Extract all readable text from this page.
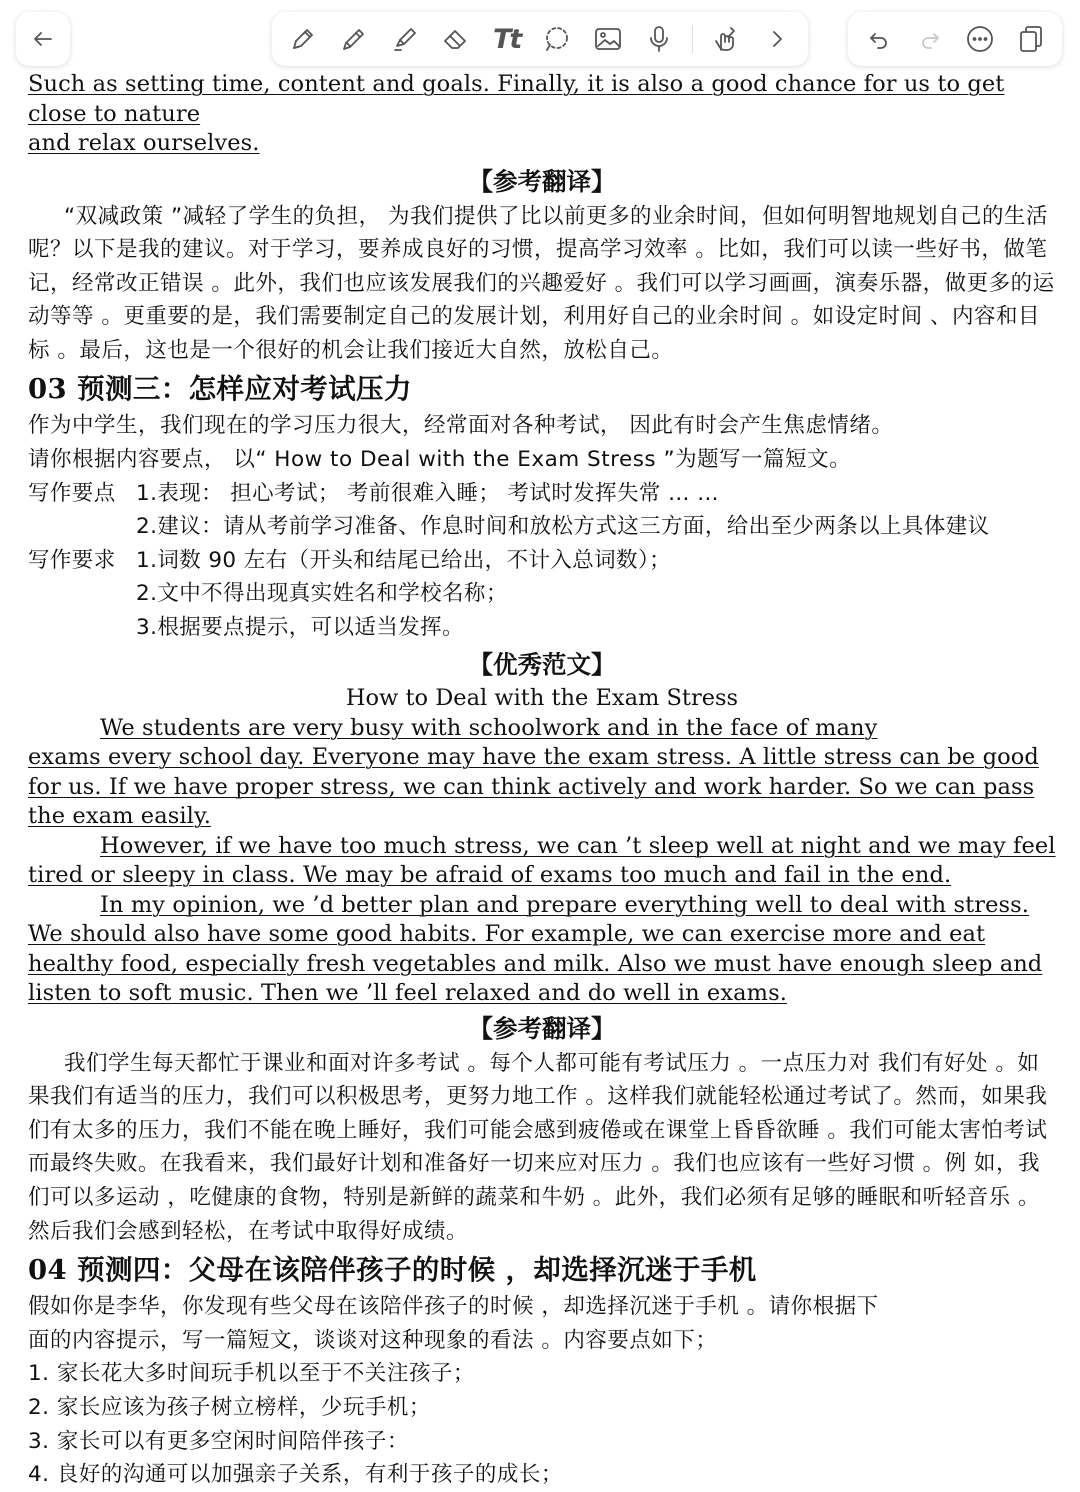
Tt
Such as setting time, content and goals. Finally, it is also a good chance for us to get close to nature
and relax ourselves.
【参考翻译】
“双减政策 ”减轻了学生的负担， 为我们提供了比以前更多的业余时间，但如何明智地规划自己的生活呢？以下是我的建议。对于学习，要养成良好的习惯，提高学习效率 。比如，我们可以读一些好书，做笔 记，经常改正错误 。此外，我们也应该发展我们的兴趣爱好 。我们可以学习画画，演奏乐器，做更多的运动等等 。更重要的是，我们需要制定自己的发展计划，利用好自己的业余时间 。如设定时间 、内容和目标 。最后，这也是一个很好的机会让我们接近大自然，放松自己。
03 预测三：怎样应对考试压力
作为中学生，我们现在的学习压力很大，经常面对各种考试， 因此有时会产生焦虑情绪。
请你根据内容要点， 以“ How to Deal with the Exam Stress ”为题写一篇短文。
写作要点 1.表现： 担心考试； 考前很难入睡； 考试时发挥失常 … …
2.建议：请从考前学习准备、作息时间和放松方式这三方面，给出至少两条以上具体建议
写作要求 1.词数 90 左右（开头和结尾已给出，不计入总词数）；
2.文中不得出现真实姓名和学校名称；
3.根据要点提示，可以适当发挥。
【优秀范文】
How to Deal with the Exam Stress
We students are very busy with schoolwork and in the face of many
exams every school day. Everyone may have the exam stress. A little stress can be good for us. If we have proper stress, we can think actively and work harder. So we can pass the exam easily.
However, if we have too much stress, we can ’t sleep well at night and we may feel tired or sleepy in class. We may be afraid of exams too much and fail in the end.
In my opinion, we ’d better plan and prepare everything well to deal with stress. We should also have some good habits. For example, we can exercise more and eat healthy food, especially fresh vegetables and milk. Also we must have enough sleep and listen to soft music. Then we ’ll feel relaxed and do well in exams.
【参考翻译】
我们学生每天都忙于课业和面对许多考试 。每个人都可能有考试压力 。一点压力对 我们有好处 。如果我们有适当的压力，我们可以积极思考，更努力地工作 。这样我们就能轻松通过考试了。然而，如果我们有太多的压力，我们不能在晚上睡好，我们可能会感到疲倦或在课堂上昏昏欲睡 。我们可能太害怕考试而最终失败。在我看来，我们最好计划和准备好一切来应对压力 。我们也应该有一些好习惯 。例 如，我们可以多运动 ，吃健康的食物，特别是新鲜的蔬菜和牛奶 。此外，我们必须有足够的睡眠和听轻音乐 。然后我们会感到轻松，在考试中取得好成绩。
04 预测四：父母在该陪伴孩子的时候 ，却选择沉迷于手机
假如你是李华，你发现有些父母在该陪伴孩子的时候 ，却选择沉迷于手机 。请你根据下
面的内容提示，写一篇短文，谈谈对这种现象的看法 。内容要点如下；
1. 家长花大多时间玩手机以至于不关注孩子；
2. 家长应该为孩子树立榜样，少玩手机；
3. 家长可以有更多空闲时间陪伴孩子：
4. 良好的沟通可以加强亲子关系，有利于孩子的成长；
